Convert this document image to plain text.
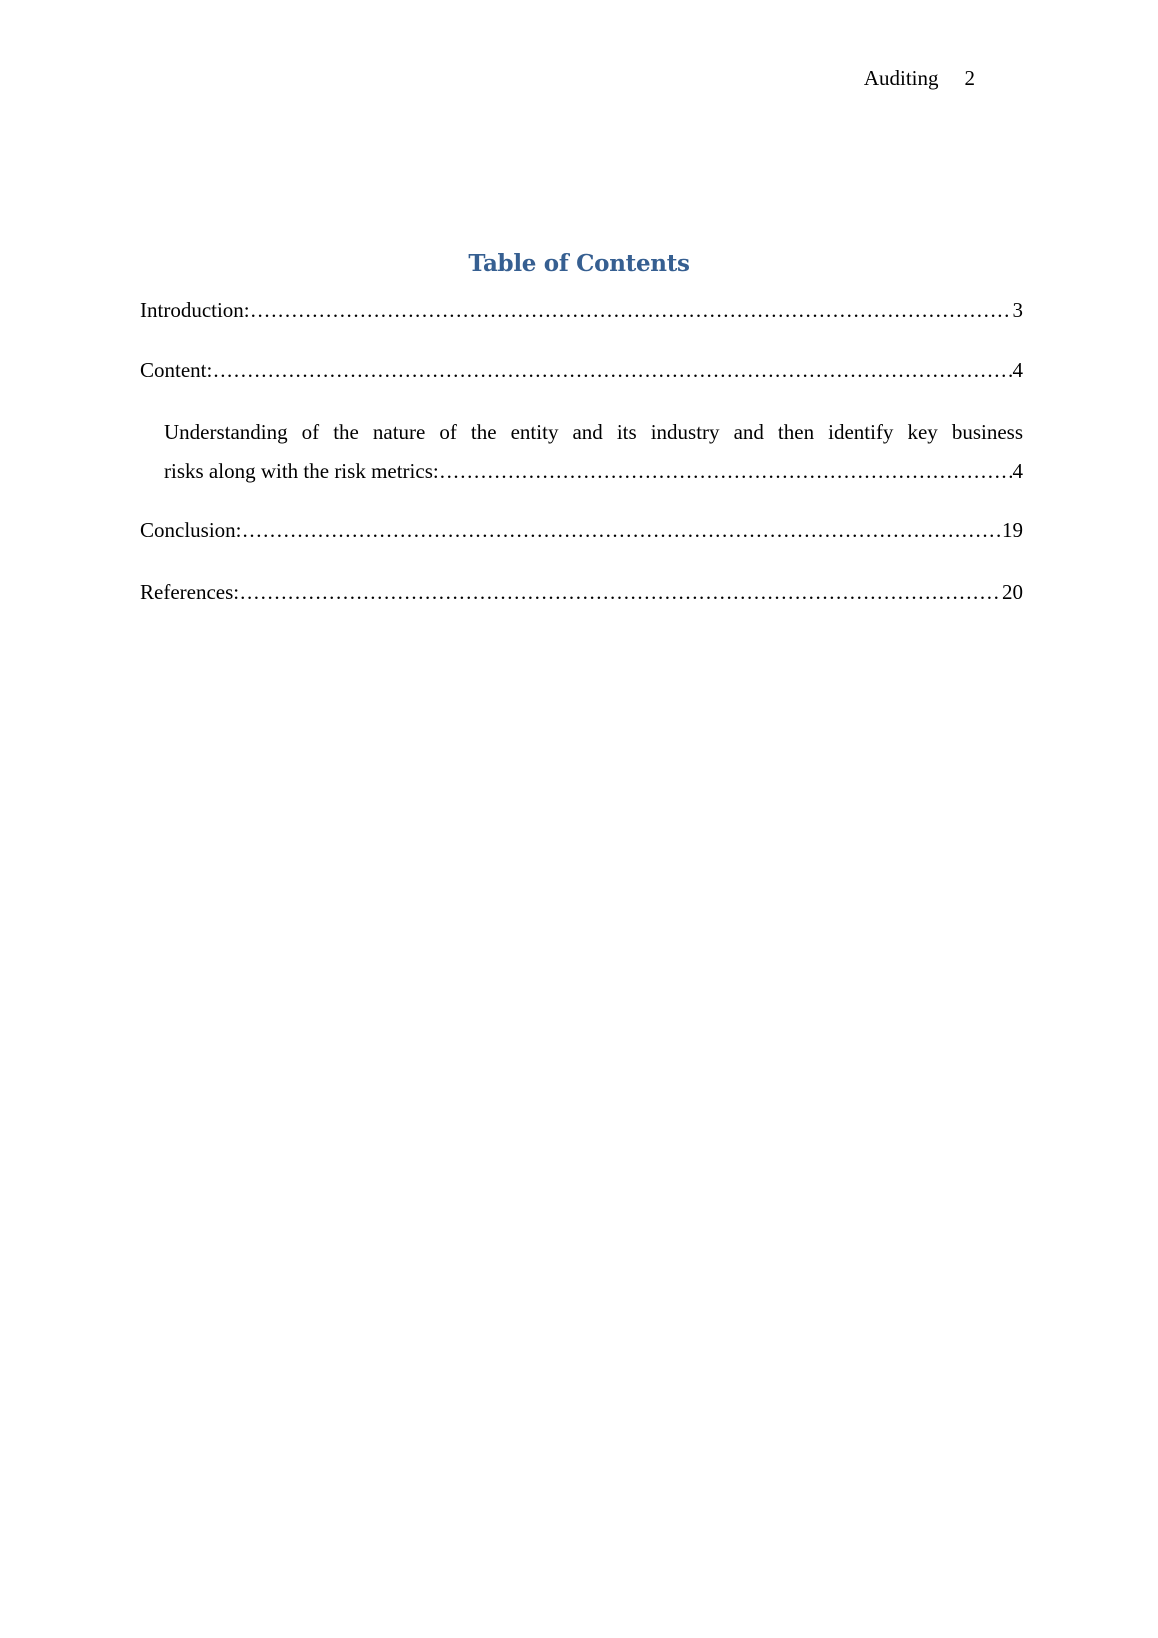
Auditing 2
Table of Contents
Introduction: .....	3
Content: .....	4
Understanding of the nature of the entity and its industry and then identify key business
risks along with the risk metrics: .....	4
Conclusion: .....	19
References: .....	20
